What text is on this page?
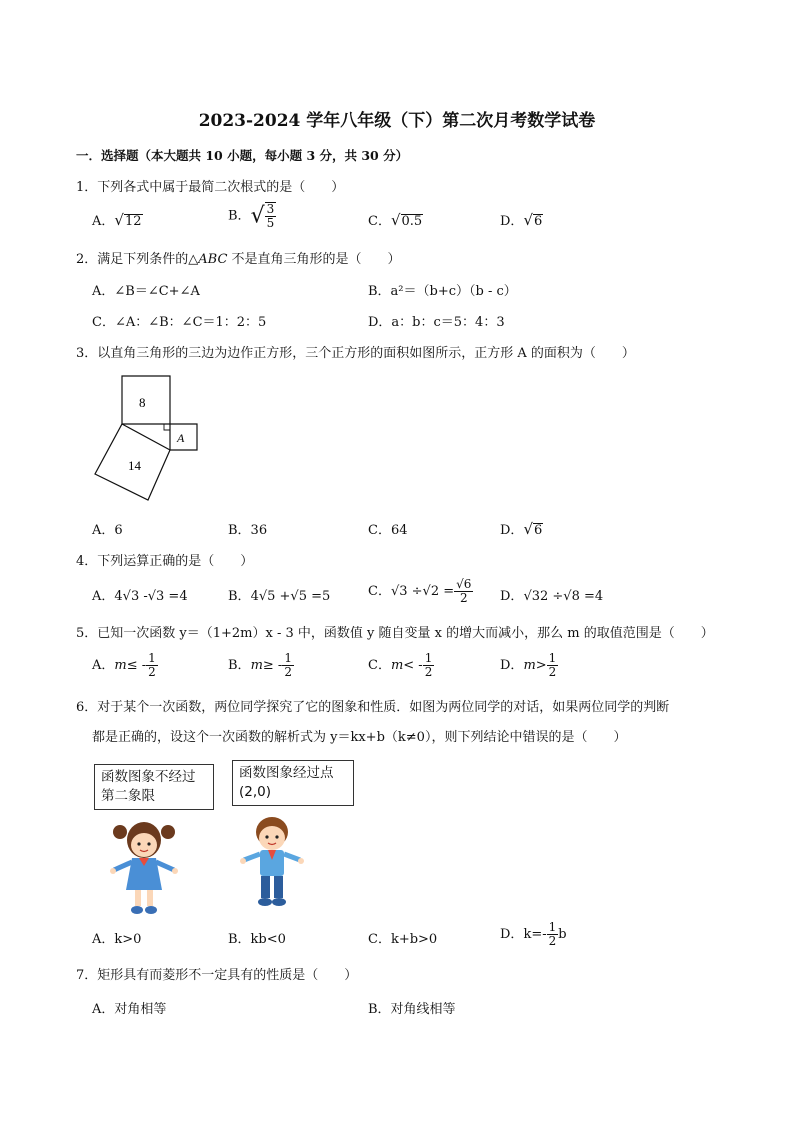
2023-2024 学年八年级（下）第二次月考数学试卷
一．选择题（本大题共 10 小题，每小题 3 分，共 30 分）
1．下列各式中属于最简二次根式的是（　　）
A．√12	B．√ $\frac{3}{5}$	C．√0.5	D．√6
2．满足下列条件的△ABC 不是直角三角形的是（　　）
A．∠B＝∠C+∠A	B．a²＝（b+c）（b - c）
C．∠A：∠B：∠C＝1：2：5	D．a：b：c＝5：4：3
3．以直角三角形的三边为边作正方形，三个正方形的面积如图所示，正方形 A 的面积为（　　）
8
A
14
A．6	B．36	C．64	D．√6
4．下列运算正确的是（　　）
A．4√3 -√3 =4	B．4√5 +√5 =5	C．$√3 \div√2 = \frac{√6}{2}$ D．√32 ÷√8 =4
5．已知一次函数 y＝（1+2m）x - 3 中，函数值 y 随自变量 x 的增大而减小，那么 m 的取值范围是（　　）
A．$m\le - \frac{1}{2}$	B．$m\ge - \frac{1}{2}$	C．$m< - \frac{1}{2}$	D．$m> \frac{1}{2}$
6．对于某个一次函数，两位同学探究了它的图象和性质．如图为两位同学的对话，如果两位同学的判断
都是正确的，设这个一次函数的解析式为 y＝kx+b（k≠0），则下列结论中错误的是（　　）
函数图象不经过第二象限
函数图象经过点
(2,0)
A．k>0	B．kb<0	C．k+b>0	D．$k=- \frac{1}{2}$ b
7．矩形具有而菱形不一定具有的性质是（　　）
A．对角相等	B．对角线相等
